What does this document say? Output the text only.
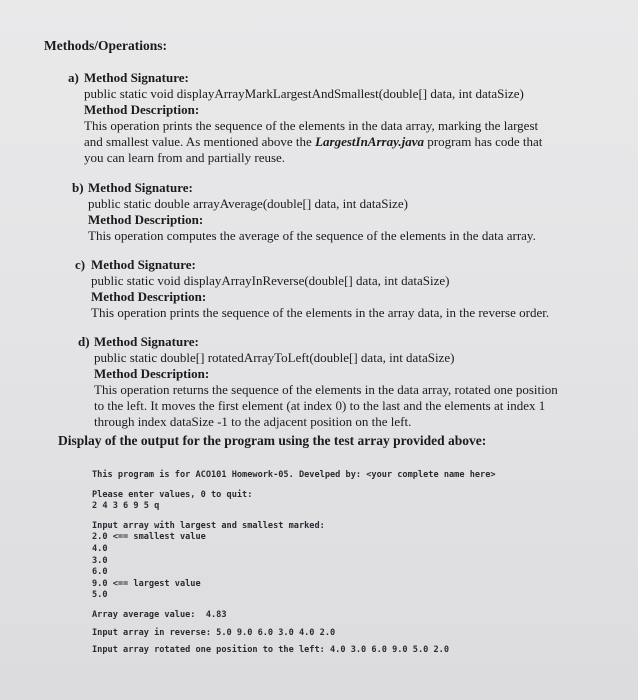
Methods/Operations:
a) Method Signature:
public static void displayArrayMarkLargestAndSmallest(double[] data, int dataSize)
Method Description:
This operation prints the sequence of the elements in the data array, marking the largest and smallest value. As mentioned above the LargestInArray.java program has code that you can learn from and partially reuse.
b) Method Signature:
public static double arrayAverage(double[] data, int dataSize)
Method Description:
This operation computes the average of the sequence of the elements in the data array.
c) Method Signature:
public static void displayArrayInReverse(double[] data, int dataSize)
Method Description:
This operation prints the sequence of the elements in the array data, in the reverse order.
d) Method Signature:
public static double[] rotatedArrayToLeft(double[] data, int dataSize)
Method Description:
This operation returns the sequence of the elements in the data array, rotated one position to the left. It moves the first element (at index 0) to the last and the elements at index 1 through index dataSize -1 to the adjacent position on the left.
Display of the output for the program using the test array provided above:
This program is for ACO101 Homework-05. Develped by: <your complete name here>
Please enter values, 0 to quit:
2 4 3 6 9 5 q
Input array with largest and smallest marked:
2.0 <== smallest value
4.0
3.0
6.0
9.0 <== largest value
5.0
Array average value:  4.83
Input array in reverse: 5.0 9.0 6.0 3.0 4.0 2.0
Input array rotated one position to the left: 4.0 3.0 6.0 9.0 5.0 2.0
